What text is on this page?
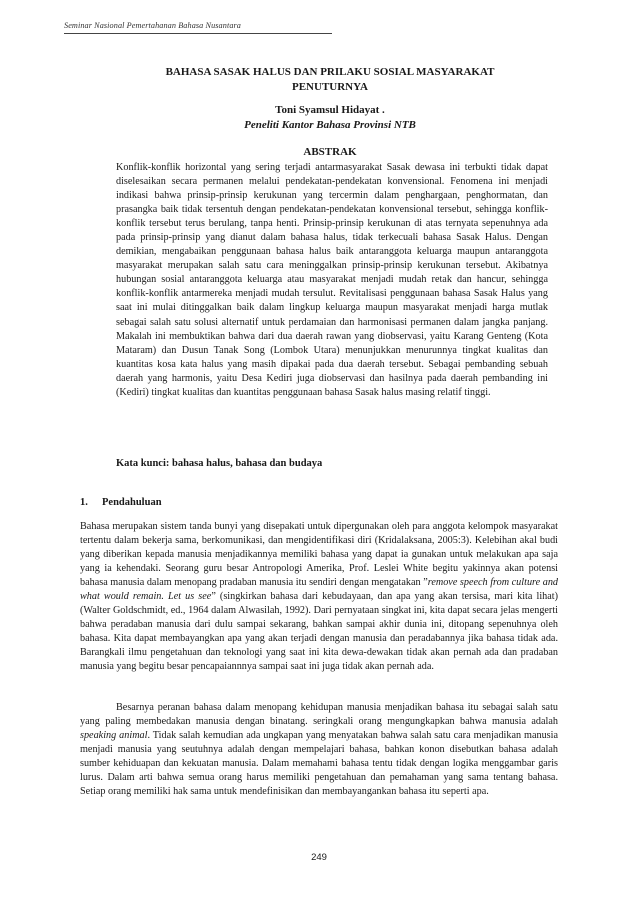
Seminar Nasional Pemertahanan Bahasa Nusantara
BAHASA SASAK HALUS DAN PRILAKU SOSIAL MASYARAKAT
PENUTURNYA
Toni Syamsul Hidayat .
Peneliti Kantor Bahasa Provinsi NTB
ABSTRAK

Konflik-konflik horizontal yang sering terjadi antarmasyarakat Sasak dewasa ini terbukti tidak dapat diselesaikan secara permanen melalui pendekatan-pendekatan konvensional. Fenomena ini menjadi indikasi bahwa prinsip-prinsip kerukunan yang tercermin dalam penghargaan, penghormatan, dan prasangka baik tidak tersentuh dengan pendekatan-pendekatan konvensional tersebut, sehingga konflik-konflik tersebut terus berulang, tanpa henti. Prinsip-prinsip kerukunan di atas ternyata sepenuhnya ada pada prinsip-prinsip yang dianut dalam bahasa halus, tidak terkecuali bahasa Sasak Halus. Dengan demikian, mengabaikan penggunaan bahasa halus baik antaranggota keluarga maupun antaranggota masyarakat merupakan salah satu cara meninggalkan prinsip-prinsip kerukunan tersebut. Akibatnya hubungan sosial antaranggota keluarga atau masyarakat menjadi mudah retak dan hancur, sehingga konflik-konflik antarmereka menjadi mudah tersulut. Revitalisasi penggunaan bahasa Sasak Halus yang saat ini mulai ditinggalkan baik dalam lingkup keluarga maupun masyarakat menjadi harga mutlak sebagai salah satu solusi alternatif untuk perdamaian dan harmonisasi permanen dalam jangka panjang. Makalah ini membuktikan bahwa dari dua daerah rawan yang diobservasi, yaitu Karang Genteng (Kota Mataram) dan Dusun Tanak Song (Lombok Utara) menunjukkan menurunnya tingkat kualitas dan kuantitas kosa kata halus yang masih dipakai pada dua daerah tersebut. Sebagai pembanding sebuah daerah yang harmonis, yaitu Desa Kediri juga diobservasi dan hasilnya pada daerah pembanding ini (Kediri) tingkat kualitas dan kuantitas penggunaan bahasa Sasak halus masing relatif tinggi.

Kata kunci: bahasa halus, bahasa dan budaya
1. Pendahuluan

Bahasa merupakan sistem tanda bunyi yang disepakati untuk dipergunakan oleh para anggota kelompok masyarakat tertentu dalam bekerja sama, berkomunikasi, dan mengidentifikasi diri (Kridalaksana, 2005:3). Kelebihan akal budi yang diberikan kepada manusia menjadikannya memiliki bahasa yang dapat ia gunakan untuk melakukan apa saja yang ia kehendaki. Seorang guru besar Antropologi Amerika, Prof. Leslei White begitu yakinnya akan potensi bahasa manusia dalam menopang pradaban manusia itu sendiri dengan mengatakan ”remove speech from culture and what would remain. Let us see” (singkirkan bahasa dari kebudayaan, dan apa yang akan tersisa, mari kita lihat) (Walter Goldschmidt, ed., 1964 dalam Alwasilah, 1992). Dari pernyataan singkat ini, kita dapat secara jelas mengerti bahwa peradaban manusia dari dulu sampai sekarang, bahkan sampai akhir dunia ini, ditopang sepenuhnya oleh bahasa. Kita dapat membayangkan apa yang akan terjadi dengan manusia dan peradabannya jika bahasa tidak ada. Barangkali ilmu pengetahuan dan teknologi yang saat ini kita dewa-dewakan tidak akan pernah ada dan pradaban manusia yang begitu besar pencapaiannnya sampai saat ini juga tidak akan pernah ada.

Besarnya peranan bahasa dalam menopang kehidupan manusia menjadikan bahasa itu sebagai salah satu yang paling membedakan manusia dengan binatang. seringkali orang mengungkapkan bahwa manusia adalah speaking animal. Tidak salah kemudian ada ungkapan yang menyatakan bahwa salah satu cara menjadikan manusia menjadi manusia yang seutuhnya adalah dengan mempelajari bahasa, bahkan konon disebutkan bahasa adalah sumber kehiduapan dan kekuatan manusia. Dalam memahami bahasa tentu tidak dengan logika menggambar garis lurus. Dalam arti bahwa semua orang harus memiliki pengetahuan dan pemahaman yang sama tentang bahasa. Setiap orang memiliki hak sama untuk mendefinisikan dan membayangankan bahasa itu seperti apa.

249
